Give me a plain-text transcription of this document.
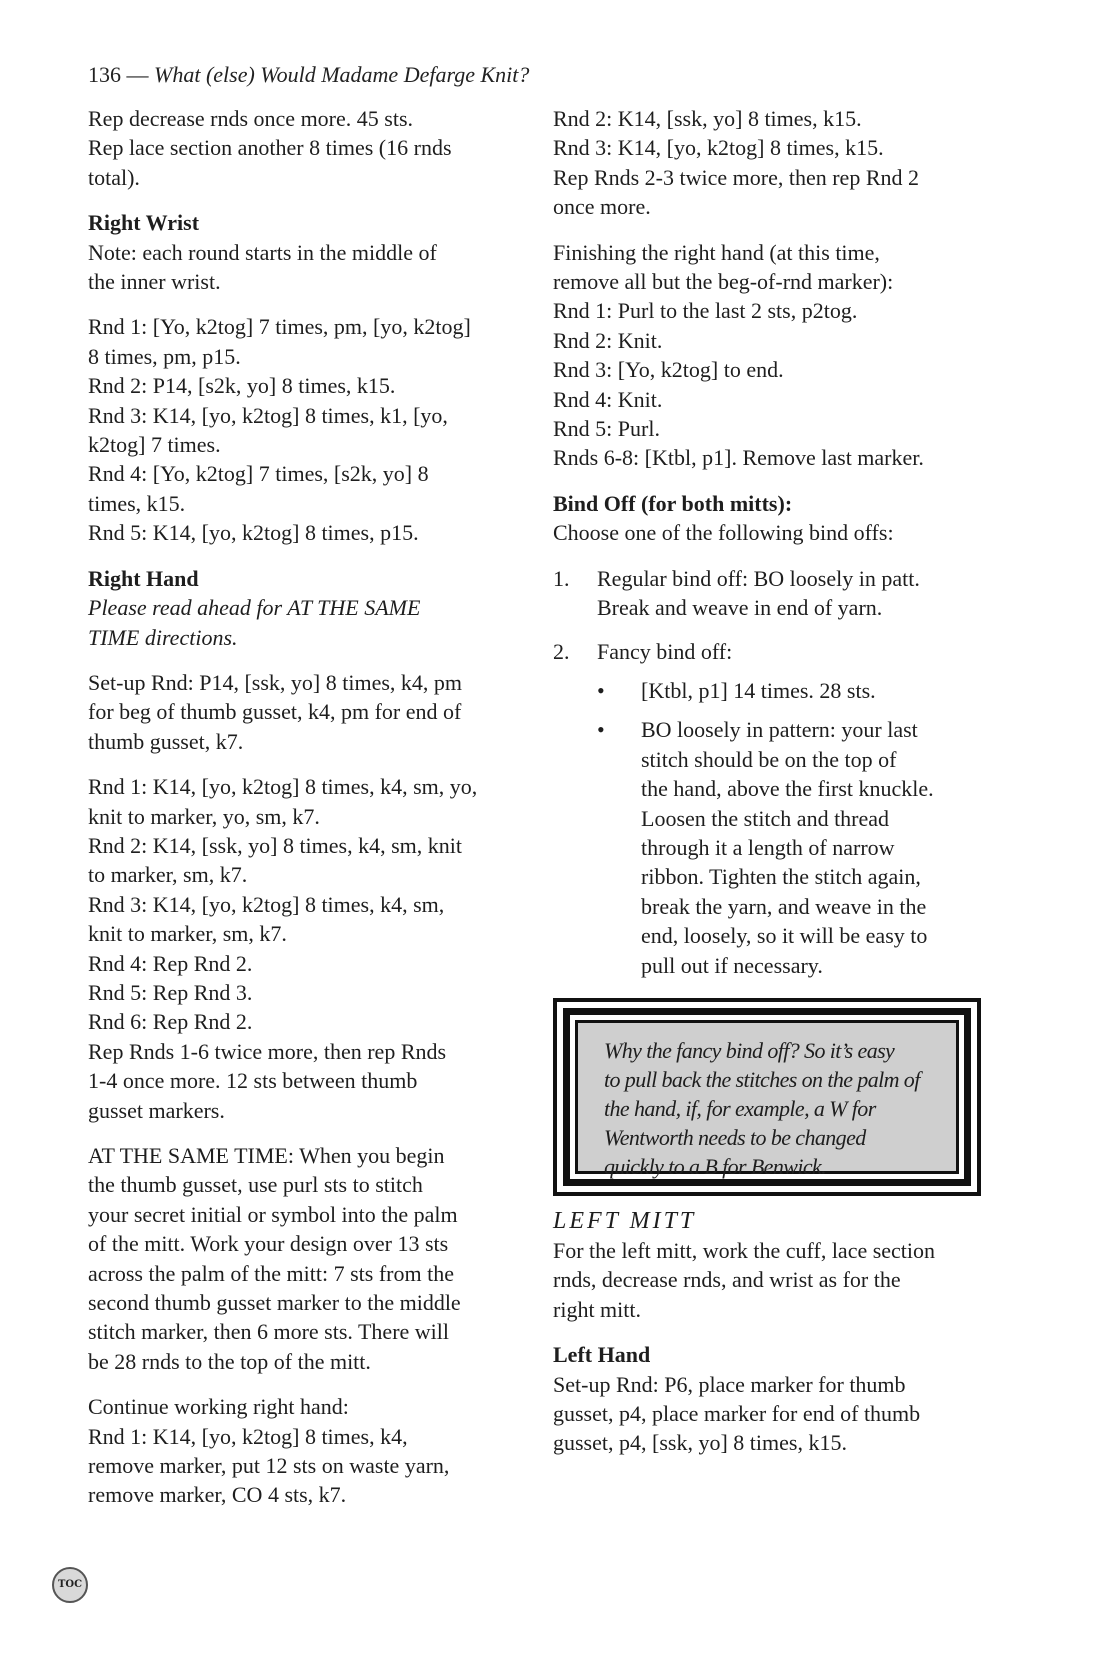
136 — What (else) Would Madame Defarge Knit?
Rep decrease rnds once more. 45 sts.
Rep lace section another 8 times (16 rnds
total).
Right Wrist
Note: each round starts in the middle of
the inner wrist.
Rnd 1: [Yo, k2tog] 7 times, pm, [yo, k2tog]
8 times, pm, p15.
Rnd 2: P14, [s2k, yo] 8 times, k15.
Rnd 3: K14, [yo, k2tog] 8 times, k1, [yo,
k2tog] 7 times.
Rnd 4: [Yo, k2tog] 7 times, [s2k, yo] 8
times, k15.
Rnd 5: K14, [yo, k2tog] 8 times, p15.
Right Hand
Please read ahead for AT THE SAME
TIME directions.
Set-up Rnd: P14, [ssk, yo] 8 times, k4, pm
for beg of thumb gusset, k4, pm for end of
thumb gusset, k7.
Rnd 1: K14, [yo, k2tog] 8 times, k4, sm, yo,
knit to marker, yo, sm, k7.
Rnd 2: K14, [ssk, yo] 8 times, k4, sm, knit
to marker, sm, k7.
Rnd 3: K14, [yo, k2tog] 8 times, k4, sm,
knit to marker, sm, k7.
Rnd 4: Rep Rnd 2.
Rnd 5: Rep Rnd 3.
Rnd 6: Rep Rnd 2.
Rep Rnds 1-6 twice more, then rep Rnds
1-4 once more. 12 sts between thumb
gusset markers.
AT THE SAME TIME: When you begin
the thumb gusset, use purl sts to stitch
your secret initial or symbol into the palm
of the mitt. Work your design over 13 sts
across the palm of the mitt: 7 sts from the
second thumb gusset marker to the middle
stitch marker, then 6 more sts. There will
be 28 rnds to the top of the mitt.
Continue working right hand:
Rnd 1: K14, [yo, k2tog] 8 times, k4,
remove marker, put 12 sts on waste yarn,
remove marker, CO 4 sts, k7.
Rnd 2: K14, [ssk, yo] 8 times, k15.
Rnd 3: K14, [yo, k2tog] 8 times, k15.
Rep Rnds 2-3 twice more, then rep Rnd 2
once more.
Finishing the right hand (at this time,
remove all but the beg-of-rnd marker):
Rnd 1: Purl to the last 2 sts, p2tog.
Rnd 2: Knit.
Rnd 3: [Yo, k2tog] to end.
Rnd 4: Knit.
Rnd 5: Purl.
Rnds 6-8: [Ktbl, p1]. Remove last marker.
Bind Off (for both mitts):
Choose one of the following bind offs:
1. Regular bind off: BO loosely in patt.
Break and weave in end of yarn.
2. Fancy bind off:
• [Ktbl, p1] 14 times. 28 sts.
• BO loosely in pattern: your last
stitch should be on the top of
the hand, above the first knuckle.
Loosen the stitch and thread
through it a length of narrow
ribbon. Tighten the stitch again,
break the yarn, and weave in the
end, loosely, so it will be easy to
pull out if necessary.
Why the fancy bind off? So it’s easy
to pull back the stitches on the palm of
the hand, if, for example, a W for
Wentworth needs to be changed
quickly to a B for Benwick.
LEFT MITT
For the left mitt, work the cuff, lace section
rnds, decrease rnds, and wrist as for the
right mitt.
Left Hand
Set-up Rnd: P6, place marker for thumb
gusset, p4, place marker for end of thumb
gusset, p4, [ssk, yo] 8 times, k15.
TOC
